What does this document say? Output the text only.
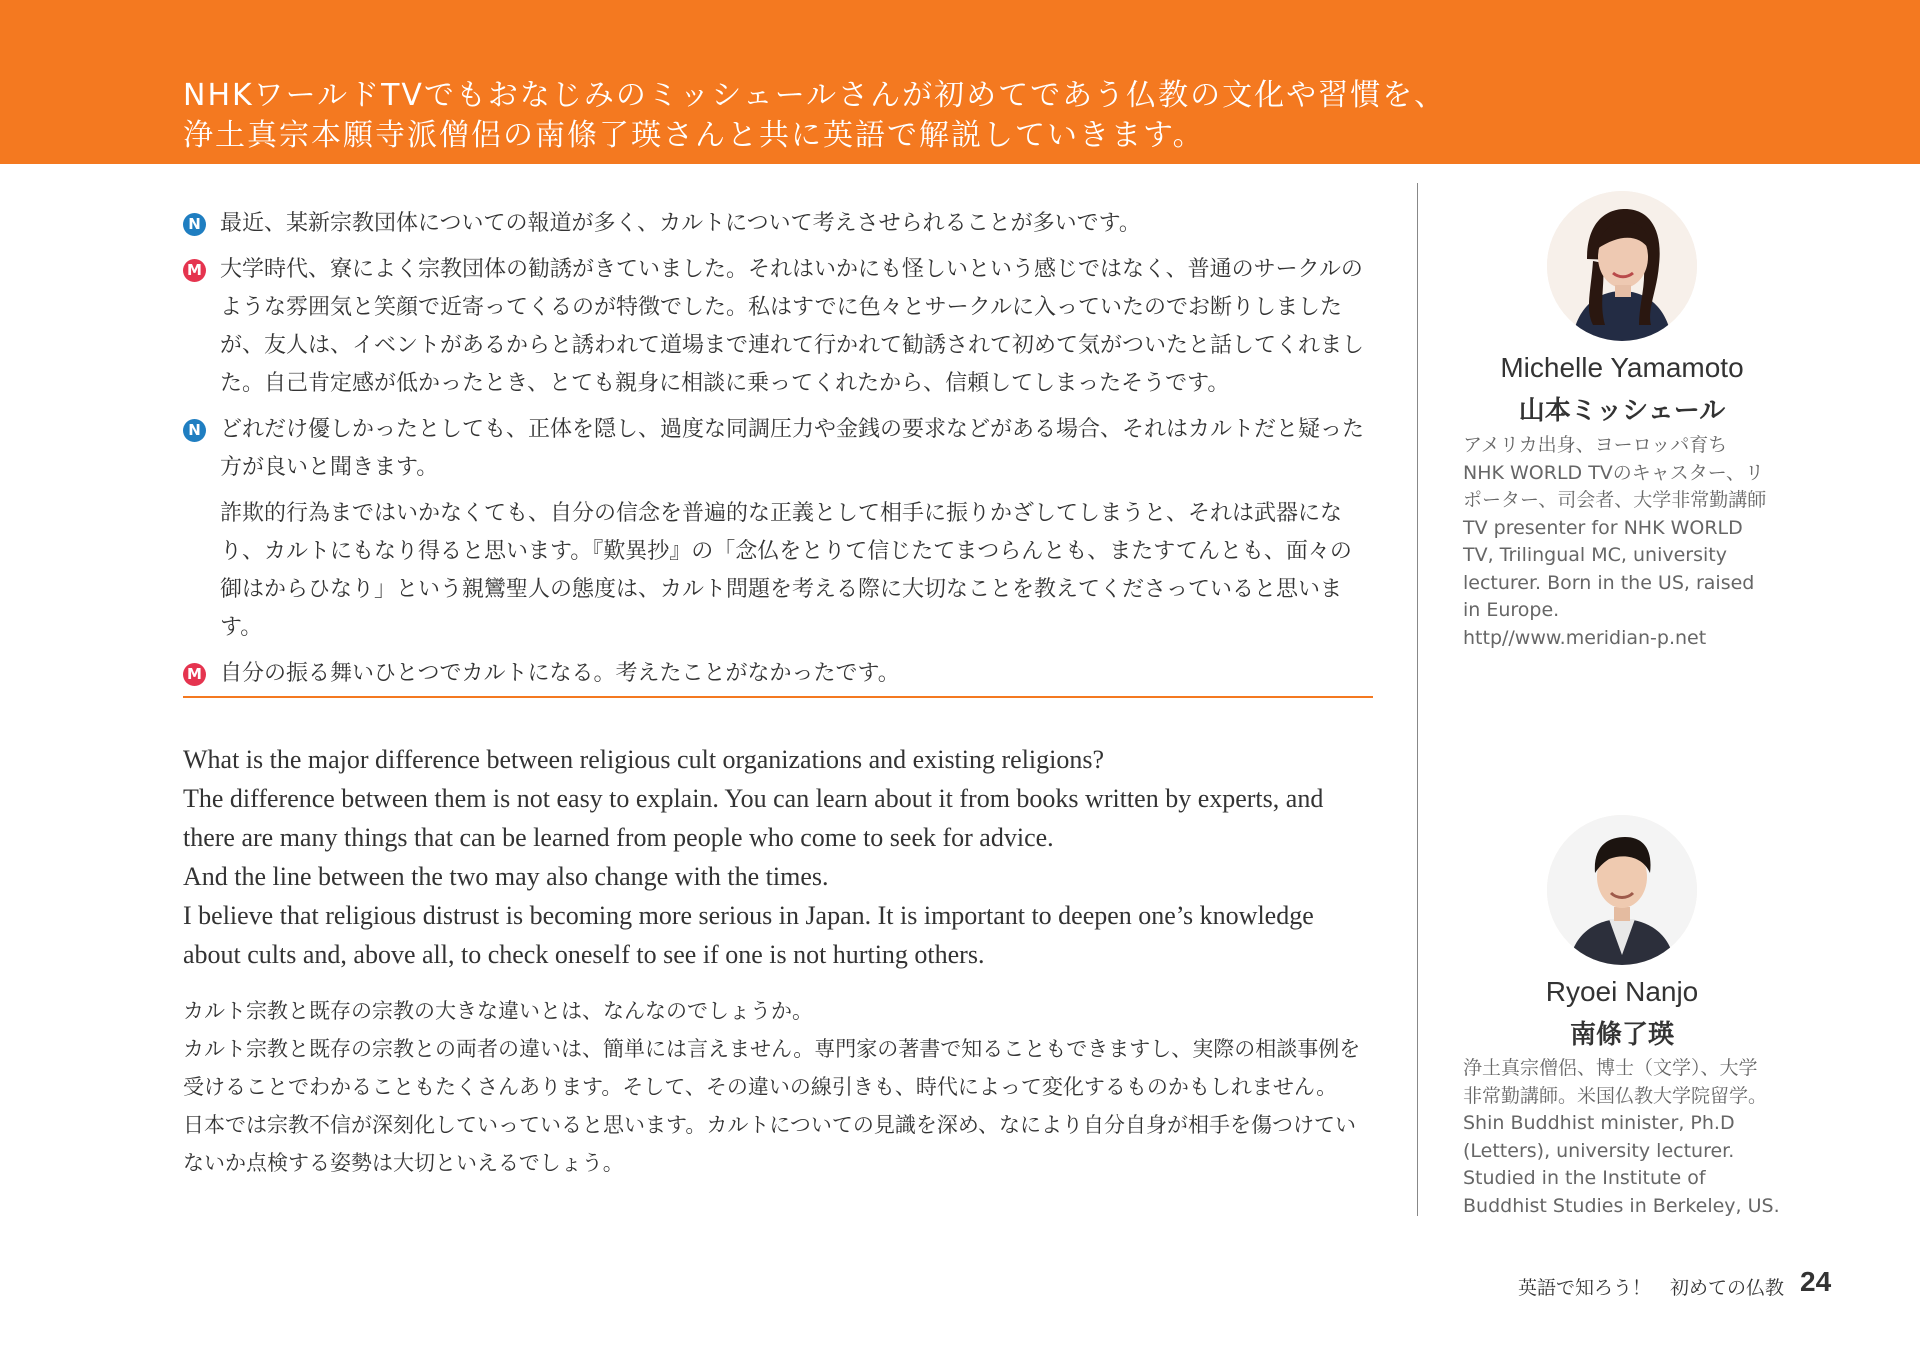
NHKワールドTVでもおなじみのミッシェールさんが初めてであう仏教の文化や習慣を、
浄土真宗本願寺派僧侶の南條了瑛さんと共に英語で解説していきます。
N 最近、某新宗教団体についての報道が多く、カルトについて考えさせられることが多いです。
M 大学時代、寮によく宗教団体の勧誘がきていました。それはいかにも怪しいという感じではなく、普通のサークルのような雰囲気と笑顔で近寄ってくるのが特徴でした。私はすでに色々とサークルに入っていたのでお断りしましたが、友人は、イベントがあるからと誘われて道場まで連れて行かれて勧誘されて初めて気がついたと話してくれました。自己肯定感が低かったとき、とても親身に相談に乗ってくれたから、信頼してしまったそうです。
N どれだけ優しかったとしても、正体を隠し、過度な同調圧力や金銭の要求などがある場合、それはカルトだと疑った方が良いと聞きます。
詐欺的行為まではいかなくても、自分の信念を普遍的な正義として相手に振りかざしてしまうと、それは武器になり、カルトにもなり得ると思います。『歎異抄』の「念仏をとりて信じたてまつらんとも、またすてんとも、面々の御はからひなり」という親鸞聖人の態度は、カルト問題を考える際に大切なことを教えてくださっていると思います。
M 自分の振る舞いひとつでカルトになる。考えたことがなかったです。

What is the major difference between religious cult organizations and existing religions?

The difference between them is not easy to explain. You can learn about it from books written by experts, and there are many things that can be learned from people who come to seek for advice.

And the line between the two may also change with the times.

I believe that religious distrust is becoming more serious in Japan. It is important to deepen one’s knowledge about cults and, above all, to check oneself to see if one is not hurting others.

カルト宗教と既存の宗教の大きな違いとは、なんなのでしょうか。

カルト宗教と既存の宗教との両者の違いは、簡単には言えません。専門家の著書で知ることもできますし、実際の相談事例を受けることでわかることもたくさんあります。そして、その違いの線引きも、時代によって変化するものかもしれません。

日本では宗教不信が深刻化していっていると思います。カルトについての見識を深め、なにより自分自身が相手を傷つけていないか点検する姿勢は大切といえるでしょう。

Michelle Yamamoto
山本ミッシェール
アメリカ出身、ヨーロッパ育ち
NHK WORLD TVのキャスター、リ
ポーター、司会者、大学非常勤講師
TV presenter for NHK WORLD
TV, Trilingual MC, university
lecturer. Born in the US, raised
in Europe.
http//www.meridian-p.net
Ryoei Nanjo
南條了瑛
浄土真宗僧侶、博士（文学）、大学
非常勤講師。米国仏教大学院留学。
Shin Buddhist minister, Ph.D
(Letters), university lecturer.
Studied in the Institute of
Buddhist Studies in Berkeley, US.
英語で知ろう！　初めての仏教 24
